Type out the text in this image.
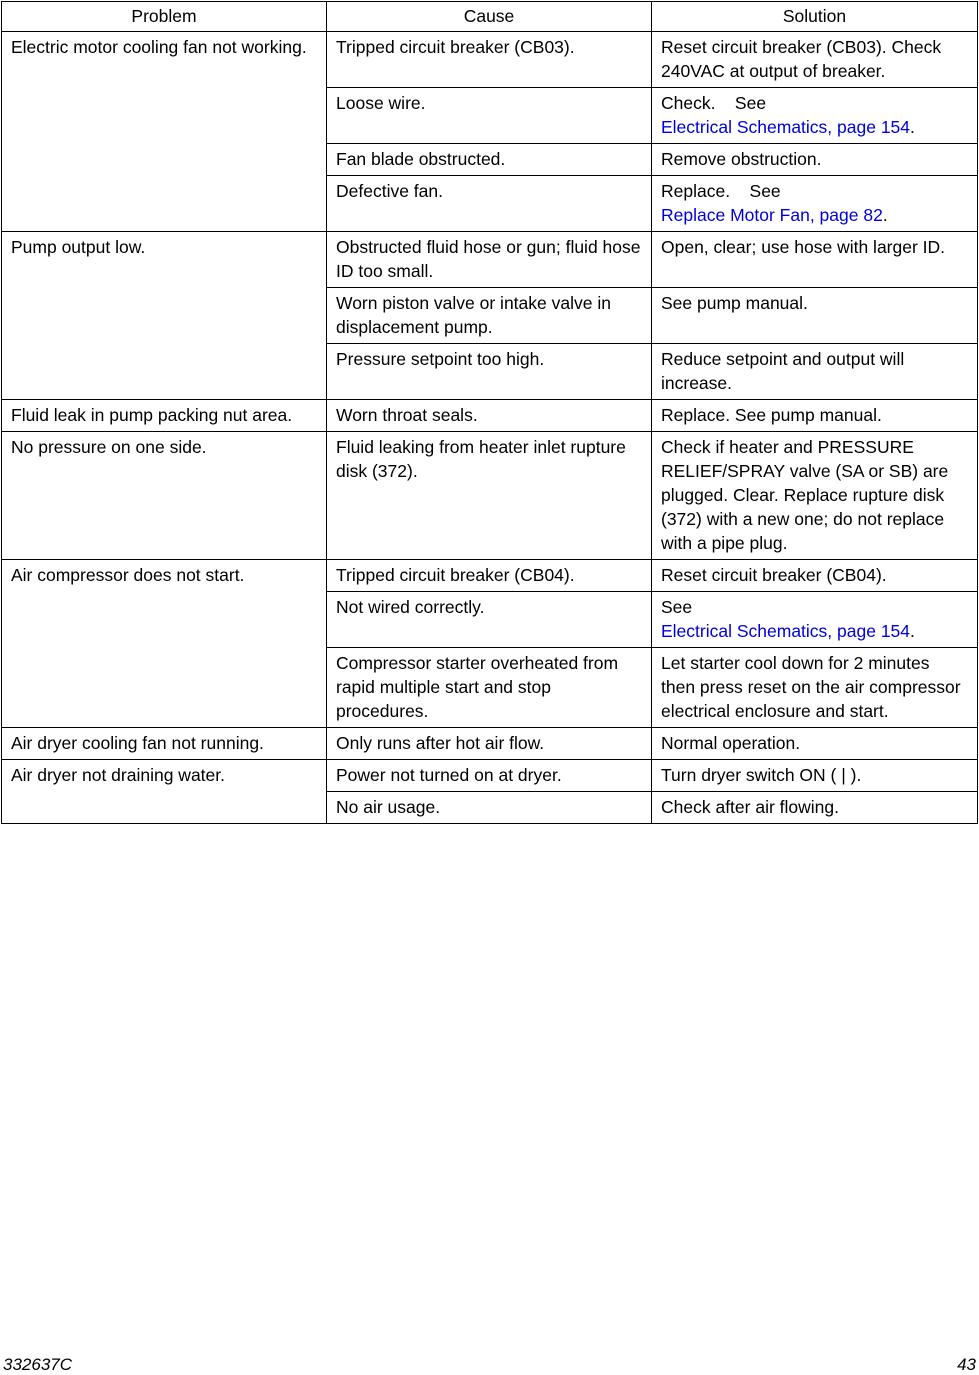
Problem	Cause	Solution
Electric motor cooling fan not working.	Tripped circuit breaker (CB03).	Reset circuit breaker (CB03). Check 240VAC at output of breaker.
	Loose wire.	Check.    See
Electrical Schematics, page 154.
	Fan blade obstructed.	Remove obstruction.
	Defective fan.	Replace.    See
Replace Motor Fan, page 82.
Pump output low.	Obstructed fluid hose or gun; fluid hose ID too small.	Open, clear; use hose with larger ID.
	Worn piston valve or intake valve in displacement pump.	See pump manual.
	Pressure setpoint too high.	Reduce setpoint and output will increase.
Fluid leak in pump packing nut area.	Worn throat seals.	Replace. See pump manual.
No pressure on one side.	Fluid leaking from heater inlet rupture disk (372).	Check if heater and PRESSURE RELIEF/SPRAY valve (SA or SB) are plugged. Clear. Replace rupture disk (372) with a new one; do not replace with a pipe plug.
Air compressor does not start.	Tripped circuit breaker (CB04).	Reset circuit breaker (CB04).
	Not wired correctly.	See
Electrical Schematics, page 154.
	Compressor starter overheated from rapid multiple start and stop procedures.	Let starter cool down for 2 minutes then press reset on the air compressor electrical enclosure and start.
Air dryer cooling fan not running.	Only runs after hot air flow.	Normal operation.
Air dryer not draining water.	Power not turned on at dryer.	Turn dryer switch ON ( | ).
	No air usage.	Check after air flowing.
332637C	43
